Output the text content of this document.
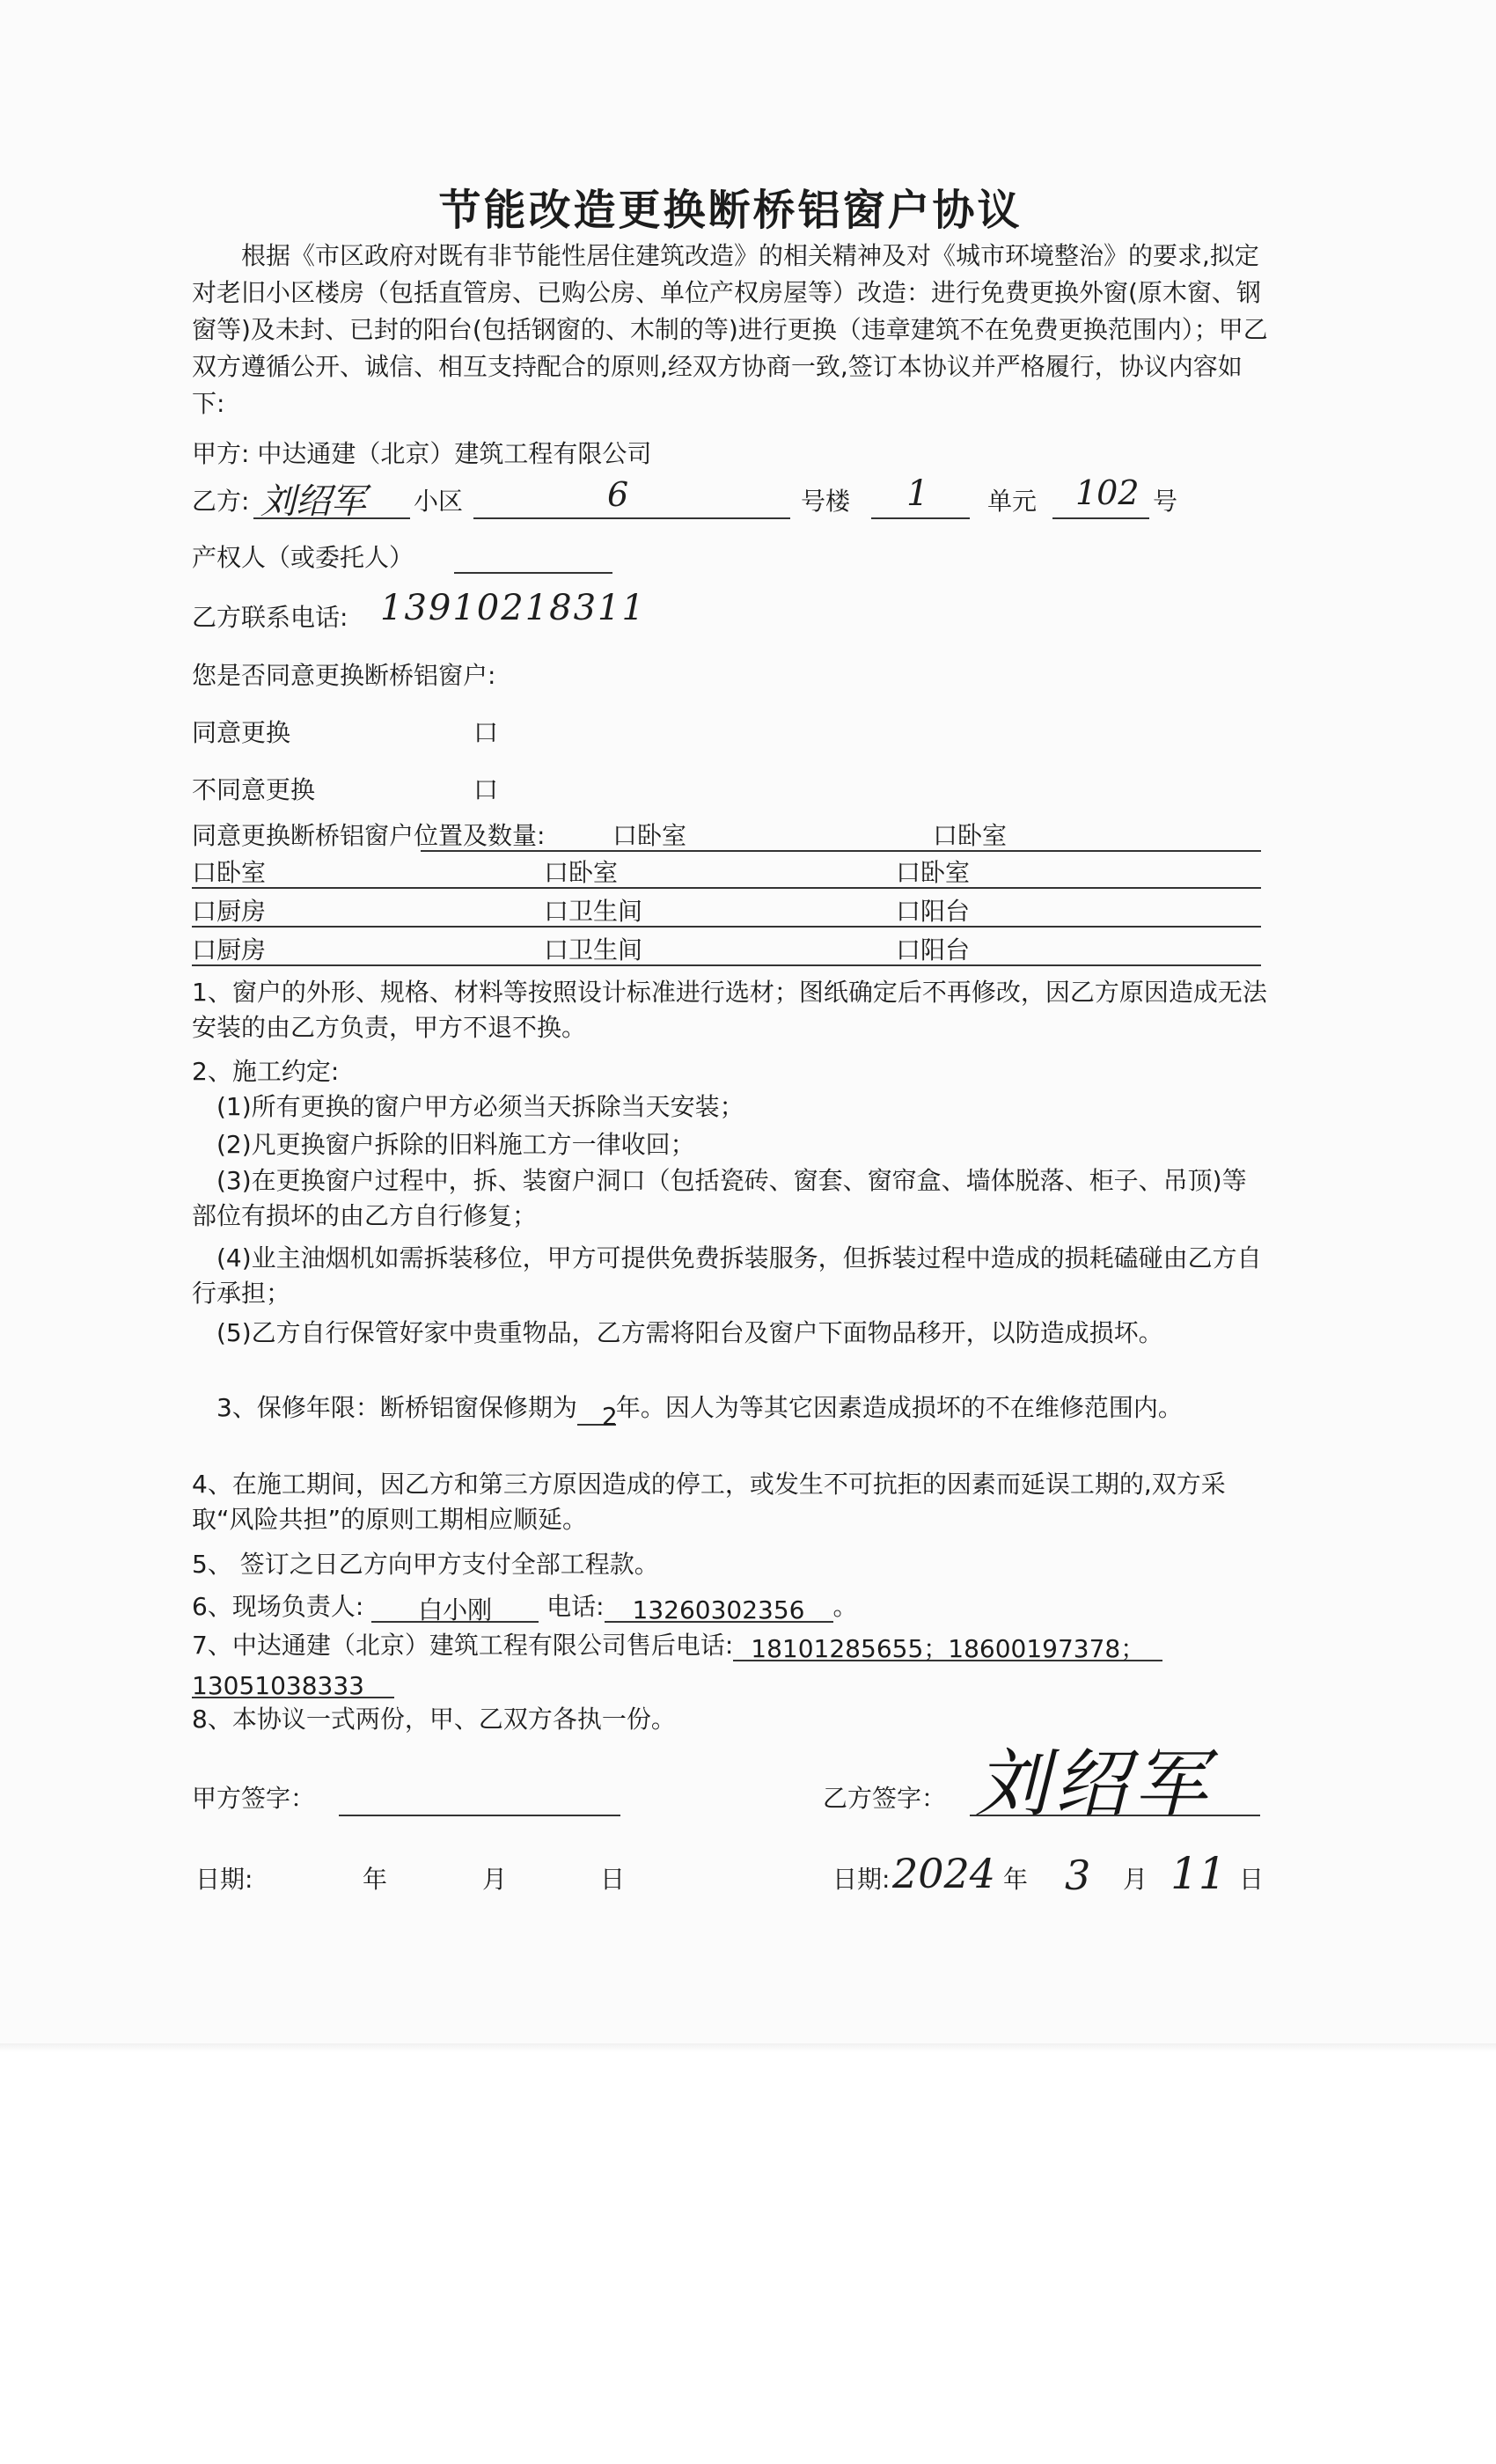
节能改造更换断桥铝窗户协议

根据《市区政府对既有非节能性居住建筑改造》的相关精神及对《城市环境整治》的要求,拟定对老旧小区楼房（包括直管房、已购公房、单位产权房屋等）改造：进行免费更换外窗(原木窗、钢窗等)及未封、已封的阳台(包括钢窗的、木制的等)进行更换（违章建筑不在免费更换范围内）；甲乙双方遵循公开、诚信、相互支持配合的原则,经双方协商一致,签订本协议并严格履行，协议内容如下:

甲方: 中达通建（北京）建筑工程有限公司
乙方: 刘绍军 小区	6	号楼 1 单元 102 号
产权人（或委托人）
乙方联系电话: 13910218311
您是否同意更换断桥铝窗户:
同意更换	口
不同意更换	口
同意更换断桥铝窗户位置及数量:	口卧室	口卧室
口卧室	口卧室	口卧室
口厨房	口卫生间	口阳台
口厨房	口卫生间	口阳台
1、窗户的外形、规格、材料等按照设计标准进行选材；图纸确定后不再修改，因乙方原因造成无法安装的由乙方负责，甲方不退不换。
2、施工约定:
(1)所有更换的窗户甲方必须当天拆除当天安装；
(2)凡更换窗户拆除的旧料施工方一律收回；
(3)在更换窗户过程中，拆、装窗户洞口（包括瓷砖、窗套、窗帘盒、墙体脱落、柜子、吊顶)等部位有损坏的由乙方自行修复；
(4)业主油烟机如需拆装移位，甲方可提供免费拆装服务，但拆装过程中造成的损耗磕碰由乙方自行承担；
(5)乙方自行保管好家中贵重物品，乙方需将阳台及窗户下面物品移开，以防造成损坏。
3、保修年限：断桥铝窗保修期为 2年。因人为等其它因素造成损坏的不在维修范围内。
4、在施工期间，因乙方和第三方原因造成的停工，或发生不可抗拒的因素而延误工期的,双方采取“风险共担”的原则工期相应顺延。
5、 签订之日乙方向甲方支付全部工程款。
6、现场负责人: 白小刚 电话: 13260302356 。
7、中达通建（北京）建筑工程有限公司售后电话: 18101285655；18600197378；
13051038333
8、本协议一式两份，甲、乙双方各执一份。
甲方签字：	乙方签字： 刘绍军
日期:	年	月	日	日期: 2024 年 3 月 11 日
